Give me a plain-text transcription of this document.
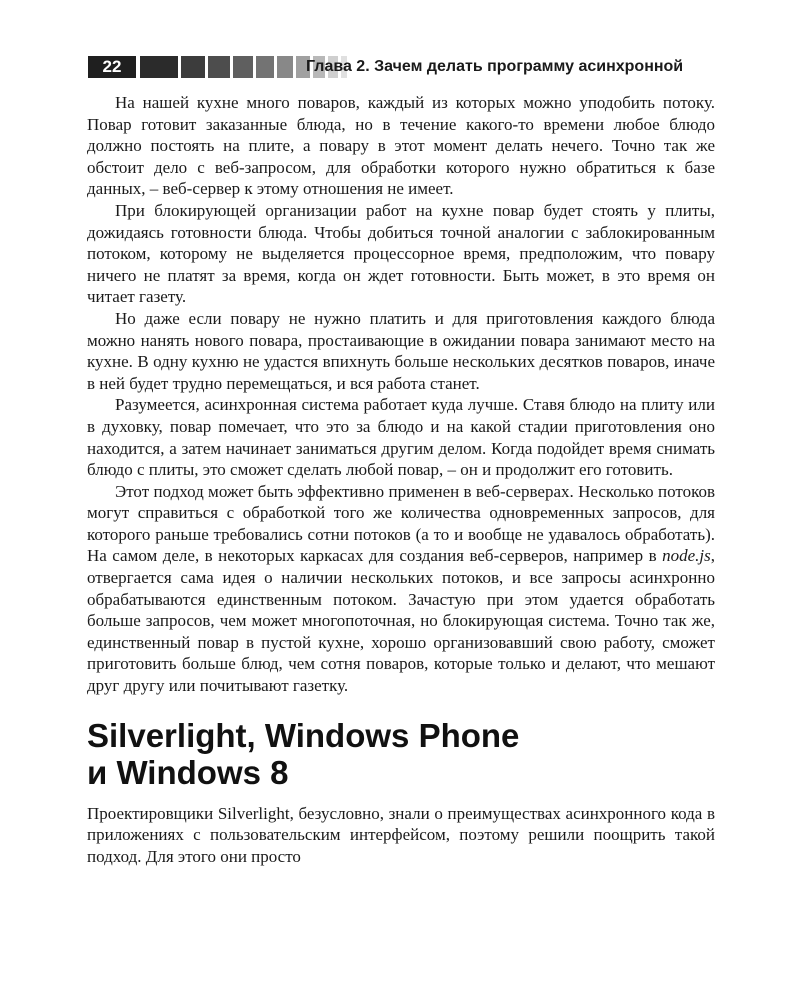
22	Глава 2. Зачем делать программу асинхронной

На нашей кухне много поваров, каждый из которых можно уподобить потоку. Повар готовит заказанные блюда, но в течение какого-то времени любое блюдо должно постоять на плите, а повару в этот момент делать нечего. Точно так же обстоит дело с веб-запросом, для обработки которого нужно обратиться к базе данных, – веб-сервер к этому отношения не имеет.

При блокирующей организации работ на кухне повар будет стоять у плиты, дожидаясь готовности блюда. Чтобы добиться точной аналогии с заблокированным потоком, которому не выделяется процессорное время, предположим, что повару ничего не платят за время, когда он ждет готовности. Быть может, в это время он читает газету.

Но даже если повару не нужно платить и для приготовления каждого блюда можно нанять нового повара, простаивающие в ожидании повара занимают место на кухне. В одну кухню не удастся впихнуть больше нескольких десятков поваров, иначе в ней будет трудно перемещаться, и вся работа станет.

Разумеется, асинхронная система работает куда лучше. Ставя блюдо на плиту или в духовку, повар помечает, что это за блюдо и на какой стадии приготовления оно находится, а затем начинает заниматься другим делом. Когда подойдет время снимать блюдо с плиты, это сможет сделать любой повар, – он и продолжит его готовить.

Этот подход может быть эффективно применен в веб-серверах. Несколько потоков могут справиться с обработкой того же количества одновременных запросов, для которого раньше требовались сотни потоков (а то и вообще не удавалось обработать). На самом деле, в некоторых каркасах для создания веб-серверов, например в node.js, отвергается сама идея о наличии нескольких потоков, и все запросы асинхронно обрабатываются единственным потоком. Зачастую при этом удается обработать больше запросов, чем может многопоточная, но блокирующая система. Точно так же, единственный повар в пустой кухне, хорошо организовавший свою работу, сможет приготовить больше блюд, чем сотня поваров, которые только и делают, что мешают друг другу или почитывают газетку.

Silverlight, Windows Phone
и Windows 8

Проектировщики Silverlight, безусловно, знали о преимуществах асинхронного кода в приложениях с пользовательским интерфейсом, поэтому решили поощрить такой подход. Для этого они просто
